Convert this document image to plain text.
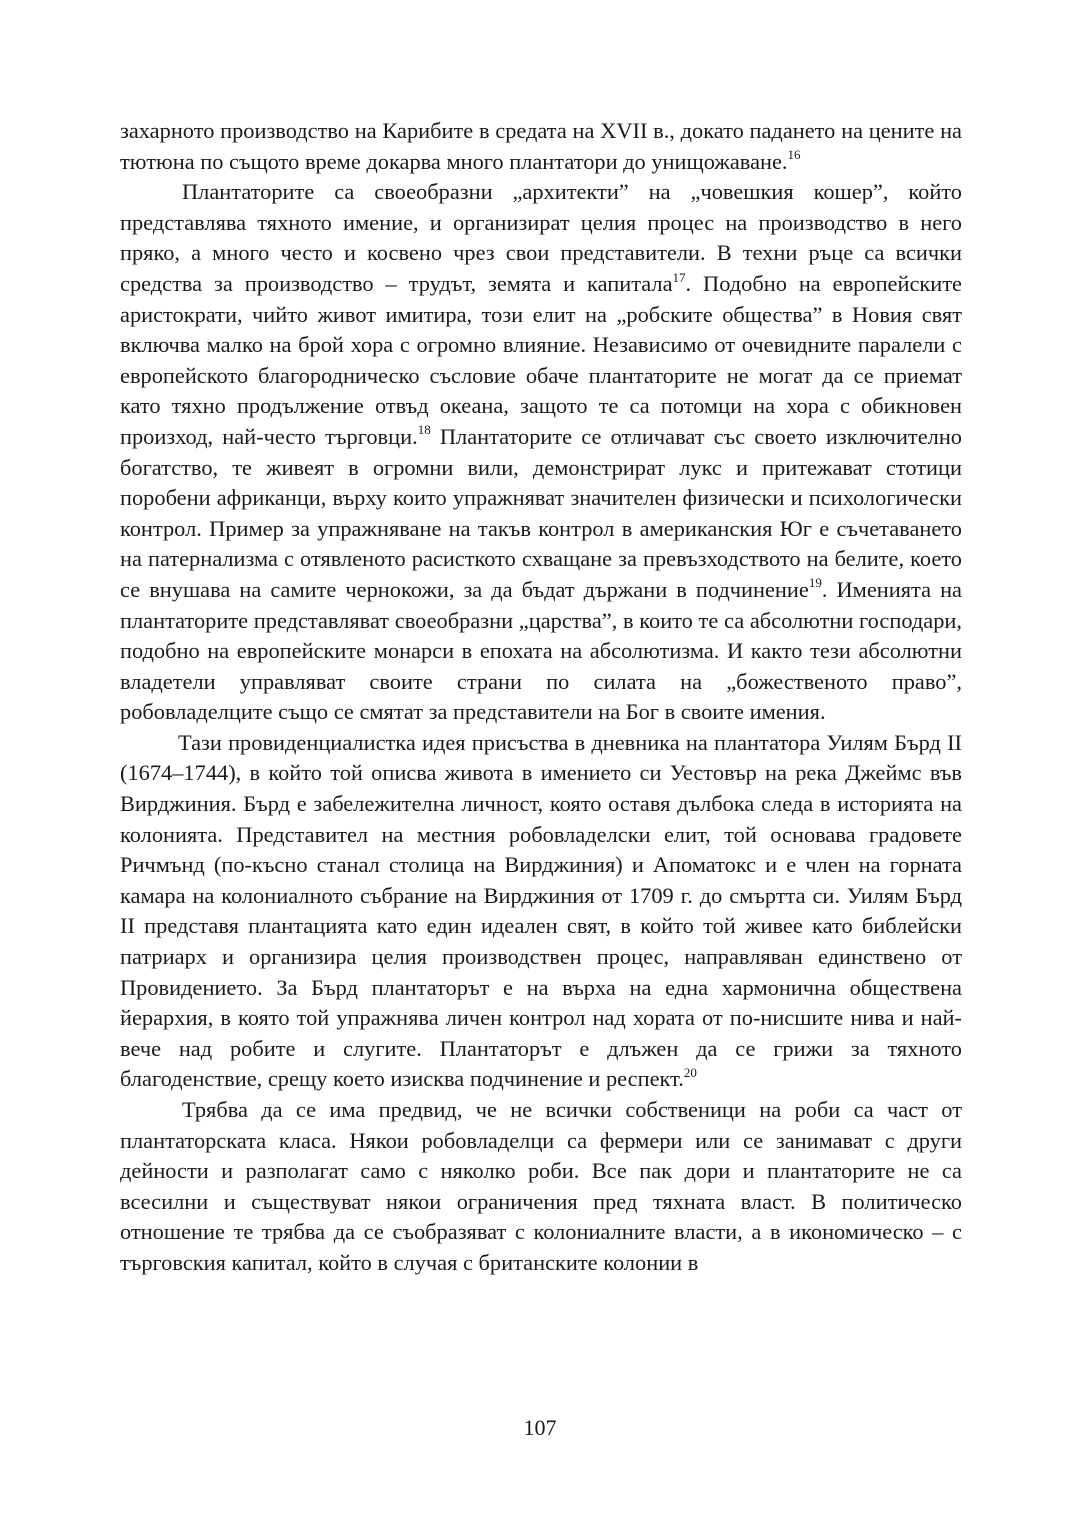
захарното производство на Карибите в средата на XVII в., докато падането на цените на тютюна по същото време докарва много плантатори до унищожаване.$^{16}$

Плантаторите са своеобразни „архитекти” на „човешкия кошер”, който представлява тяхното имение, и организират целия процес на производство в него пряко, а много често и косвено чрез свои представители. В техни ръце са всички средства за производство – трудът, земята и капитала$^{17}$. Подобно на европейските аристократи, чийто живот имитира, този елит на „робските общества” в Новия свят включва малко на брой хора с огромно влияние. Независимо от очевидните паралели с европейското благородническо съсловие обаче плантаторите не могат да се приемат като тяхно продължение отвъд океана, защото те са потомци на хора с обикновен произход, най-често търговци.$^{18}$ Плантаторите се отличават със своето изключително богатство, те живеят в огромни вили, демонстрират лукс и притежават стотици поробени африканци, върху които упражняват значителен физически и психологически контрол. Пример за упражняване на такъв контрол в американския Юг е съчетаването на патернализма с отявленото расисткото схващане за превъзходството на белите, което се внушава на самите чернокожи, за да бъдат държани в подчинение$^{19}$. Именията на плантаторите представляват своеобразни „царства”, в които те са абсолютни господари, подобно на европейските монарси в епохата на абсолютизма. И както тези абсолютни владетели управляват своите страни по силата на „божественото право”, робовладелците също се смятат за представители на Бог в своите имения.

Тази провиденциалистка идея присъства в дневника на плантатора Уилям Бърд II (1674–1744), в който той описва живота в имението си Уестовър на река Джеймс във Вирджиния. Бърд е забележителна личност, която оставя дълбока следа в историята на колонията. Представител на местния робовладелски елит, той основава градовете Ричмънд (по-късно станал столица на Вирджиния) и Апоматокс и е член на горната камара на колониалното събрание на Вирджиния от 1709 г. до смъртта си. Уилям Бърд II представя плантацията като един идеален свят, в който той живее като библейски патриарх и организира целия производствен процес, направляван единствено от Провидението. За Бърд плантаторът е на върха на една хармонична обществена йерархия, в която той упражнява личен контрол над хората от по-нисшите нива и най-вече над робите и слугите. Плантаторът е длъжен да се грижи за тяхното благоденствие, срещу което изисква подчинение и респект.$^{20}$

Трябва да се има предвид, че не всички собственици на роби са част от плантаторската класа. Някои робовладелци са фермери или се занимават с други дейности и разполагат само с няколко роби. Все пак дори и плантаторите не са всесилни и съществуват някои ограничения пред тяхната власт. В политическо отношение те трябва да се съобразяват с колониалните власти, а в икономическо – с търговския капитал, който в случая с британските колонии в

107
